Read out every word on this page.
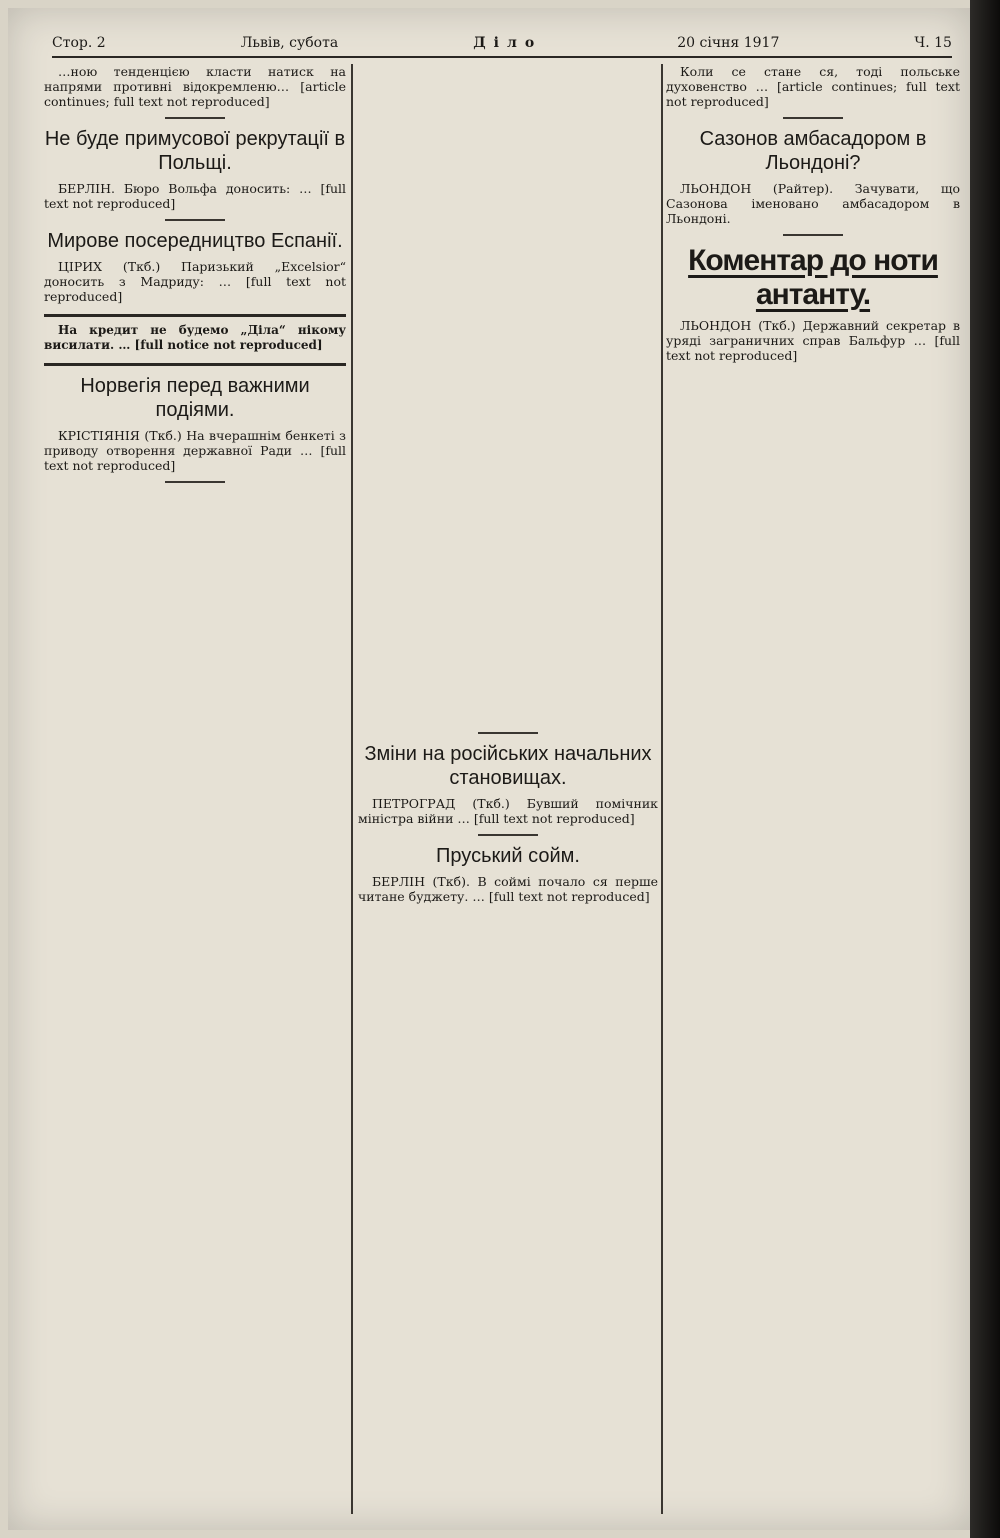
Стор. 2	Львів, субота	Діло	20 січня 1917	Ч. 15

…ною тенденцією класти натиск на напрями противні відокремленю… [article continues; full text not reproduced]

Не буде примусової рекрутації в Польщі.

БЕРЛІН. Бюро Вольфа доносить: … [full text not reproduced]

Мирове посередництво Еспанії.

ЦІРИХ (Ткб.) Паризький „Excelsior“ доносить з Мадриду: … [full text not reproduced]

На кредит не будемо „Діла“ нікому висилати. … [full notice not reproduced]

Норвегія перед важними подіями.

КРІСТІЯНІЯ (Ткб.) На вчерашнім бенкеті з приводу отворення державної Ради … [full text not reproduced]

Зміни на російських начальних становищах.

ПЕТРОГРАД (Ткб.) Бувший помічник міністра війни … [full text not reproduced]

Пруський сойм.

БЕРЛІН (Ткб). В соймі почало ся перше читане буджету. … [full text not reproduced]

Коли се стане ся, тоді польське духовенство … [article continues; full text not reproduced]

Сазонов амбасадором в Льондоні?

ЛЬОНДОН (Райтер). Зачувати, що Сазонова іменовано амбасадором в Льондоні.

Коментар до ноти антанту.

ЛЬОНДОН (Ткб.) Державний секретар в уряді заграничних справ Бальфур … [full text not reproduced]
